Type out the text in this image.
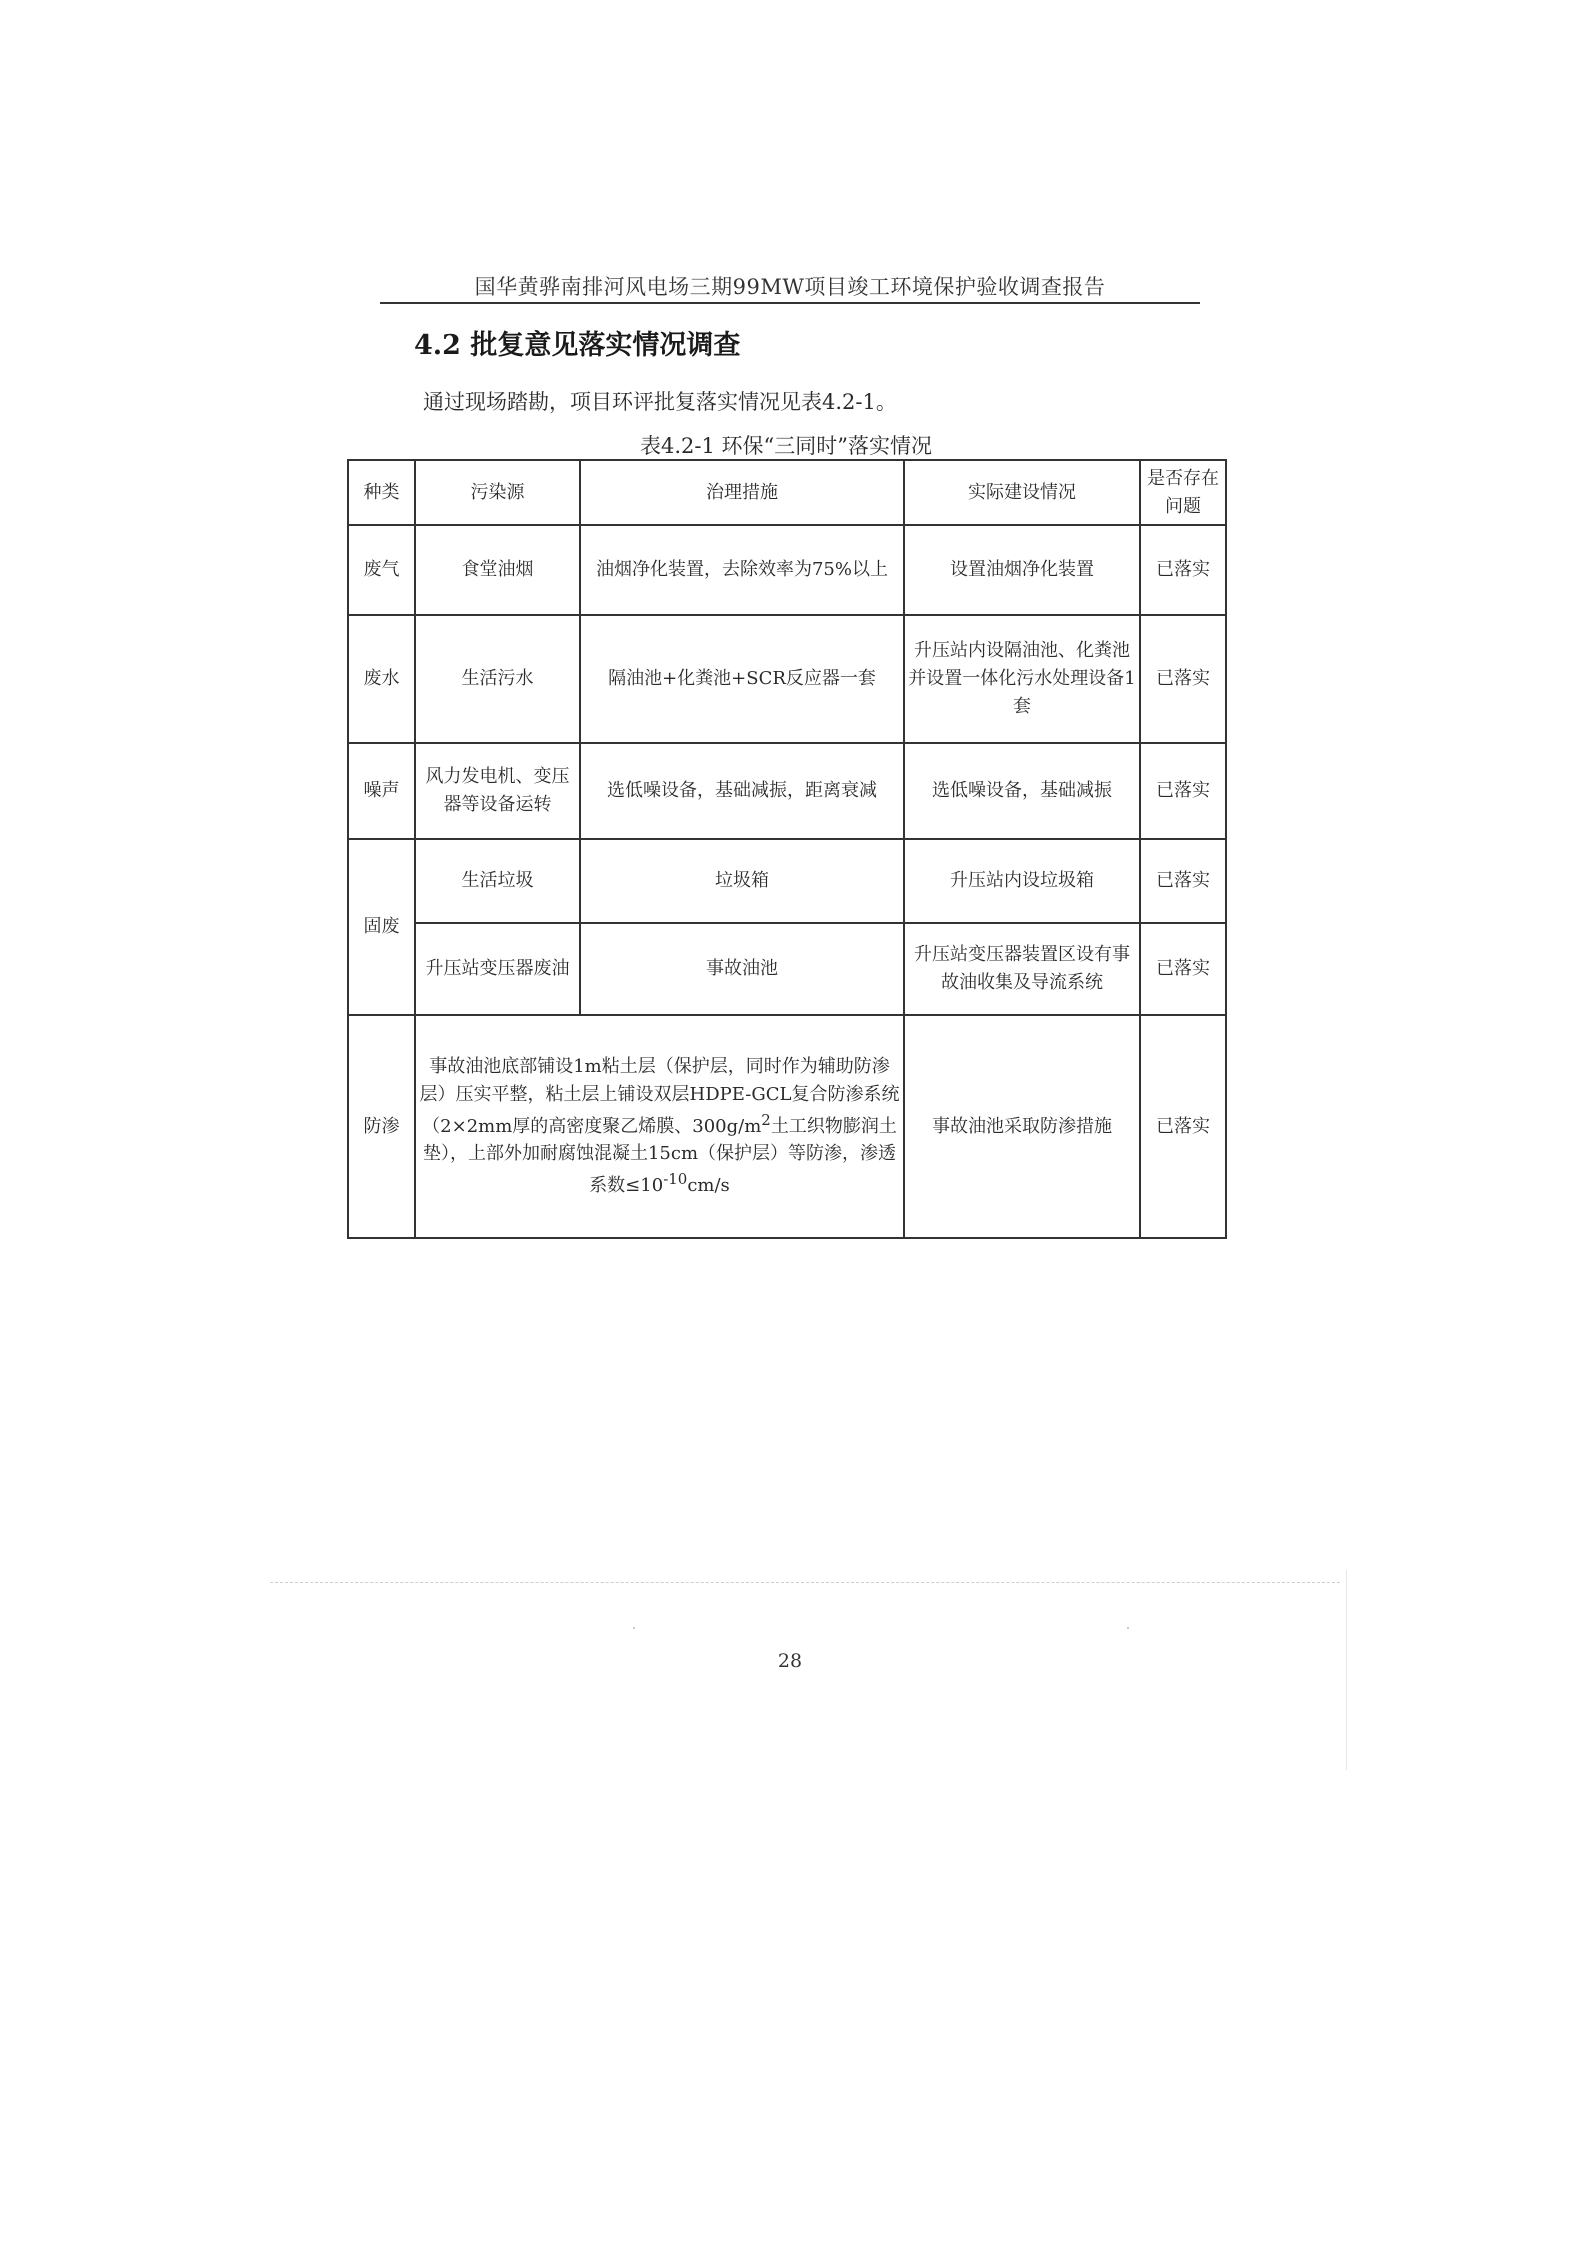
国华黄骅南排河风电场三期99MW项目竣工环境保护验收调查报告
4.2 批复意见落实情况调查
通过现场踏勘，项目环评批复落实情况见表4.2-1。
表4.2-1 环保“三同时”落实情况
种类	污染源	治理措施	实际建设情况	是否存在问题
废气	食堂油烟	油烟净化装置，去除效率为75%以上	设置油烟净化装置	已落实
废水	生活污水	隔油池+化粪池+SCR反应器一套	升压站内设隔油池、化粪池并设置一体化污水处理设备1套	已落实
噪声	风力发电机、变压器等设备运转	选低噪设备，基础减振，距离衰减	选低噪设备，基础减振	已落实
固废	生活垃圾	垃圾箱	升压站内设垃圾箱	已落实
	升压站变压器废油	事故油池	升压站变压器装置区设有事故油收集及导流系统	已落实
防渗	事故油池底部铺设1m粘土层（保护层，同时作为辅助防渗层）压实平整，粘土层上铺设双层HDPE-GCL复合防渗系统（2×2mm厚的高密度聚乙烯膜、$300g/m^2$土工织物膨润土垫），上部外加耐腐蚀混凝土15cm（保护层）等防渗，渗透系数$\le 10^{-10}cm/s$		事故油池采取防渗措施	已落实
28
